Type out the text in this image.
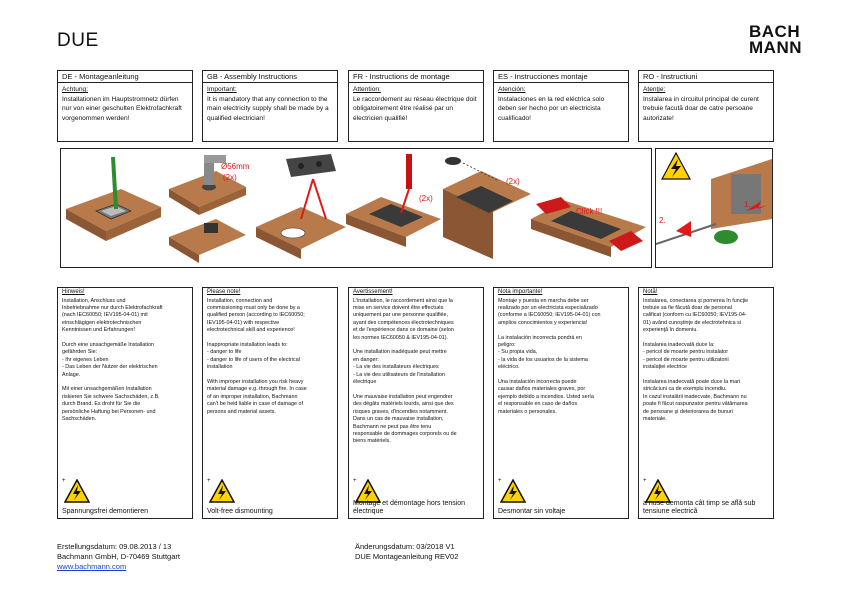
DUE	BACH
MANN
DE - Montageanleitung
Achtung:
Installationen im Hauptstromnetz dürfen nur von einer geschulten Elektrofachkraft vorgenommen werden!
GB - Assembly Instructions
Important:
It is mandatory that any connection to the main electricity supply shall be made by a qualified electrician!
FR - Instructions de montage
Attention:
Le raccordement au réseau électrique doit obligatoirement être réalisé par un électricien qualifié!
ES - Instrucciones montaje
Atención:
Instalaciones en la red eléctrica solo deben ser hecho por un electricista cualificado!
RO - Instructiuni
Atenţie:
Instalarea in circuitul principal de curent trebuie facută doar de catre persoane autorizate!
Ø56mm
(2x)
(2x)
(2x)
Click !!!
1.
2.
Hinweis!
Installation, Anschluss und
Inbetriebnahme nur durch Elektrofachkraft
(nach IEC60050; IEV195-04-01) mit
einschlägigen elektrotechnischen
Kenntnissen und Erfahrungen!

Durch eine unsachgemäße Installation
gefährden Sie:
- Ihr eigenes Leben
- Das Leben der Nutzer der elektrischen
Anlage.

Mit einer unsachgemäßen Installation
riskieren Sie schwere Sachschäden, z.B.
durch Brand. Es droht für Sie die
persönliche Haftung bei Personen- und
Sachschäden.
+
Spannungsfrei demontieren
Please note!
Installation, connection and
commissioning must only be done by a
qualified person (according to IEC60050;
IEV195-04-01) with respective
electrotechnical skill and experience!

Inappropriate installation leads to:
- danger to life
- danger to life of users of the electrical
installation

With improper installation you risk heavy
material damage e.g. through fire. In case
of an improper installation, Bachmann
can't be held liable in case of damage of
persons and material assets.
+
Volt-free dismounting
Avertissement!
L'installation, le raccordement ainsi que la
mise en service doivent être effectués
uniquement par une personne qualifiée,
ayant des compétences électrotechniques
et de l'expérience dans ce domaine (selon
les normes IEC60050 & IEV195-04-01).

Une installation inadéquate peut mettre
en danger:
- La vie des installateurs électriques
- La vie des utilisateurs de l'installation
électrique

Une mauvaise installation peut engendrer
des dégâts matériels lourds, ainsi que des
risques graves, d'incendies notamment.
Dans un cas de mauvaise installation,
Bachmann ne peut pas être tenu
responsable de dommages corporels ou de
biens matériels.
+
Montage et démontage hors tension électrique
Nota importante!
Montaje y puesta en marcha debe ser
realizado por un electricista especializado
(conforme a IEC60050; IEV195-04-01) con
amplios conocimientos y experiencia!

La instalación incorrecta pondrá en
peligro:
- Su propia vida,
- la vida de los usuarios de la sistema
eléctrico.

Una instalación incorrecta puede
causar daños materiales graves, por
ejemplo debido a incendios. Usted sería
el responsable en caso de daños
materiales o personales.
+
Desmontar sin voltaje
Notă!
Instalarea, conectarea şi pornerea în funcţie
trebuie sa fie făcută doar de personal
calificat (conform cu IEC60050; IEV195-04-
01) având cunoştinţe de electrotehnica si
experienţă în domeniu.

Instalarea inadecvată duce la:
- pericol de moarte pentru instalator
- pericol de moarte pentru utilizatorii
instalaţiei electrice

Instalarea inadecvată poate duce la mari
stricăciuni ca de exemplu incendiu.
In cazul instalării inadecvate, Bachmann nu
poate fi făcut raspunzator pentru vătămarea
de persoane şi deteriorarea de bunuri
materiale.
+
a nuse demonta cât timp se află sub tensiune electrică
Erstellungsdatum: 09.08.2013 / 13
Bachmann GmbH, D-70469 Stuttgart
www.bachmann.com
Änderungsdatum: 03/2018 V1
DUE Montageanleitung REV02
